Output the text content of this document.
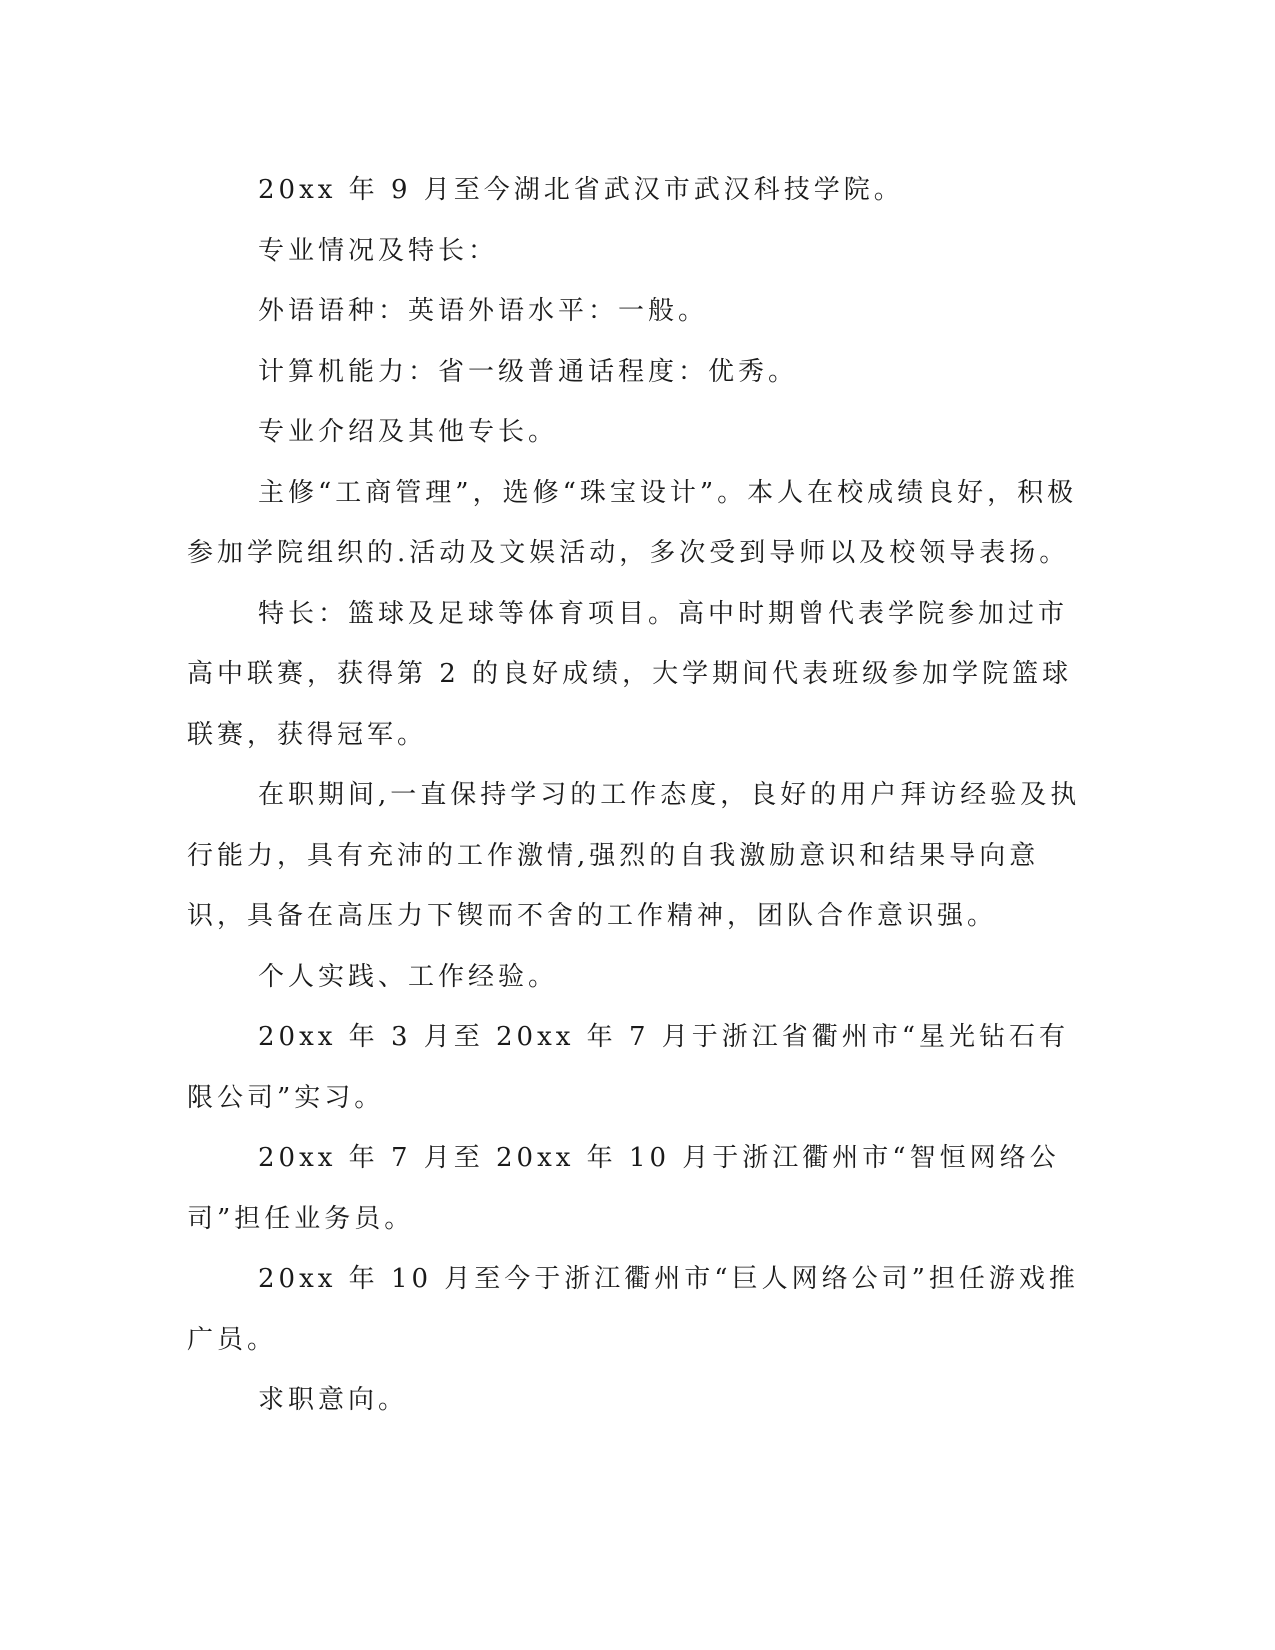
20xx 年 9 月至今湖北省武汉市武汉科技学院。

专业情况及特长：

外语语种：英语外语水平：一般。

计算机能力：省一级普通话程度：优秀。

专业介绍及其他专长。

主修“工商管理”，选修“珠宝设计”。本人在校成绩良好，积极参加学院组织的.活动及文娱活动，多次受到导师以及校领导表扬。

特长：篮球及足球等体育项目。高中时期曾代表学院参加过市高中联赛，获得第 2 的良好成绩，大学期间代表班级参加学院篮球联赛，获得冠军。

在职期间,一直保持学习的工作态度，良好的用户拜访经验及执行能力，具有充沛的工作激情,强烈的自我激励意识和结果导向意识，具备在高压力下锲而不舍的工作精神，团队合作意识强。

个人实践、工作经验。

20xx 年 3 月至 20xx 年 7 月于浙江省衢州市“星光钻石有限公司”实习。

20xx 年 7 月至 20xx 年 10 月于浙江衢州市“智恒网络公司”担任业务员。

20xx 年 10 月至今于浙江衢州市“巨人网络公司”担任游戏推广员。

求职意向。
